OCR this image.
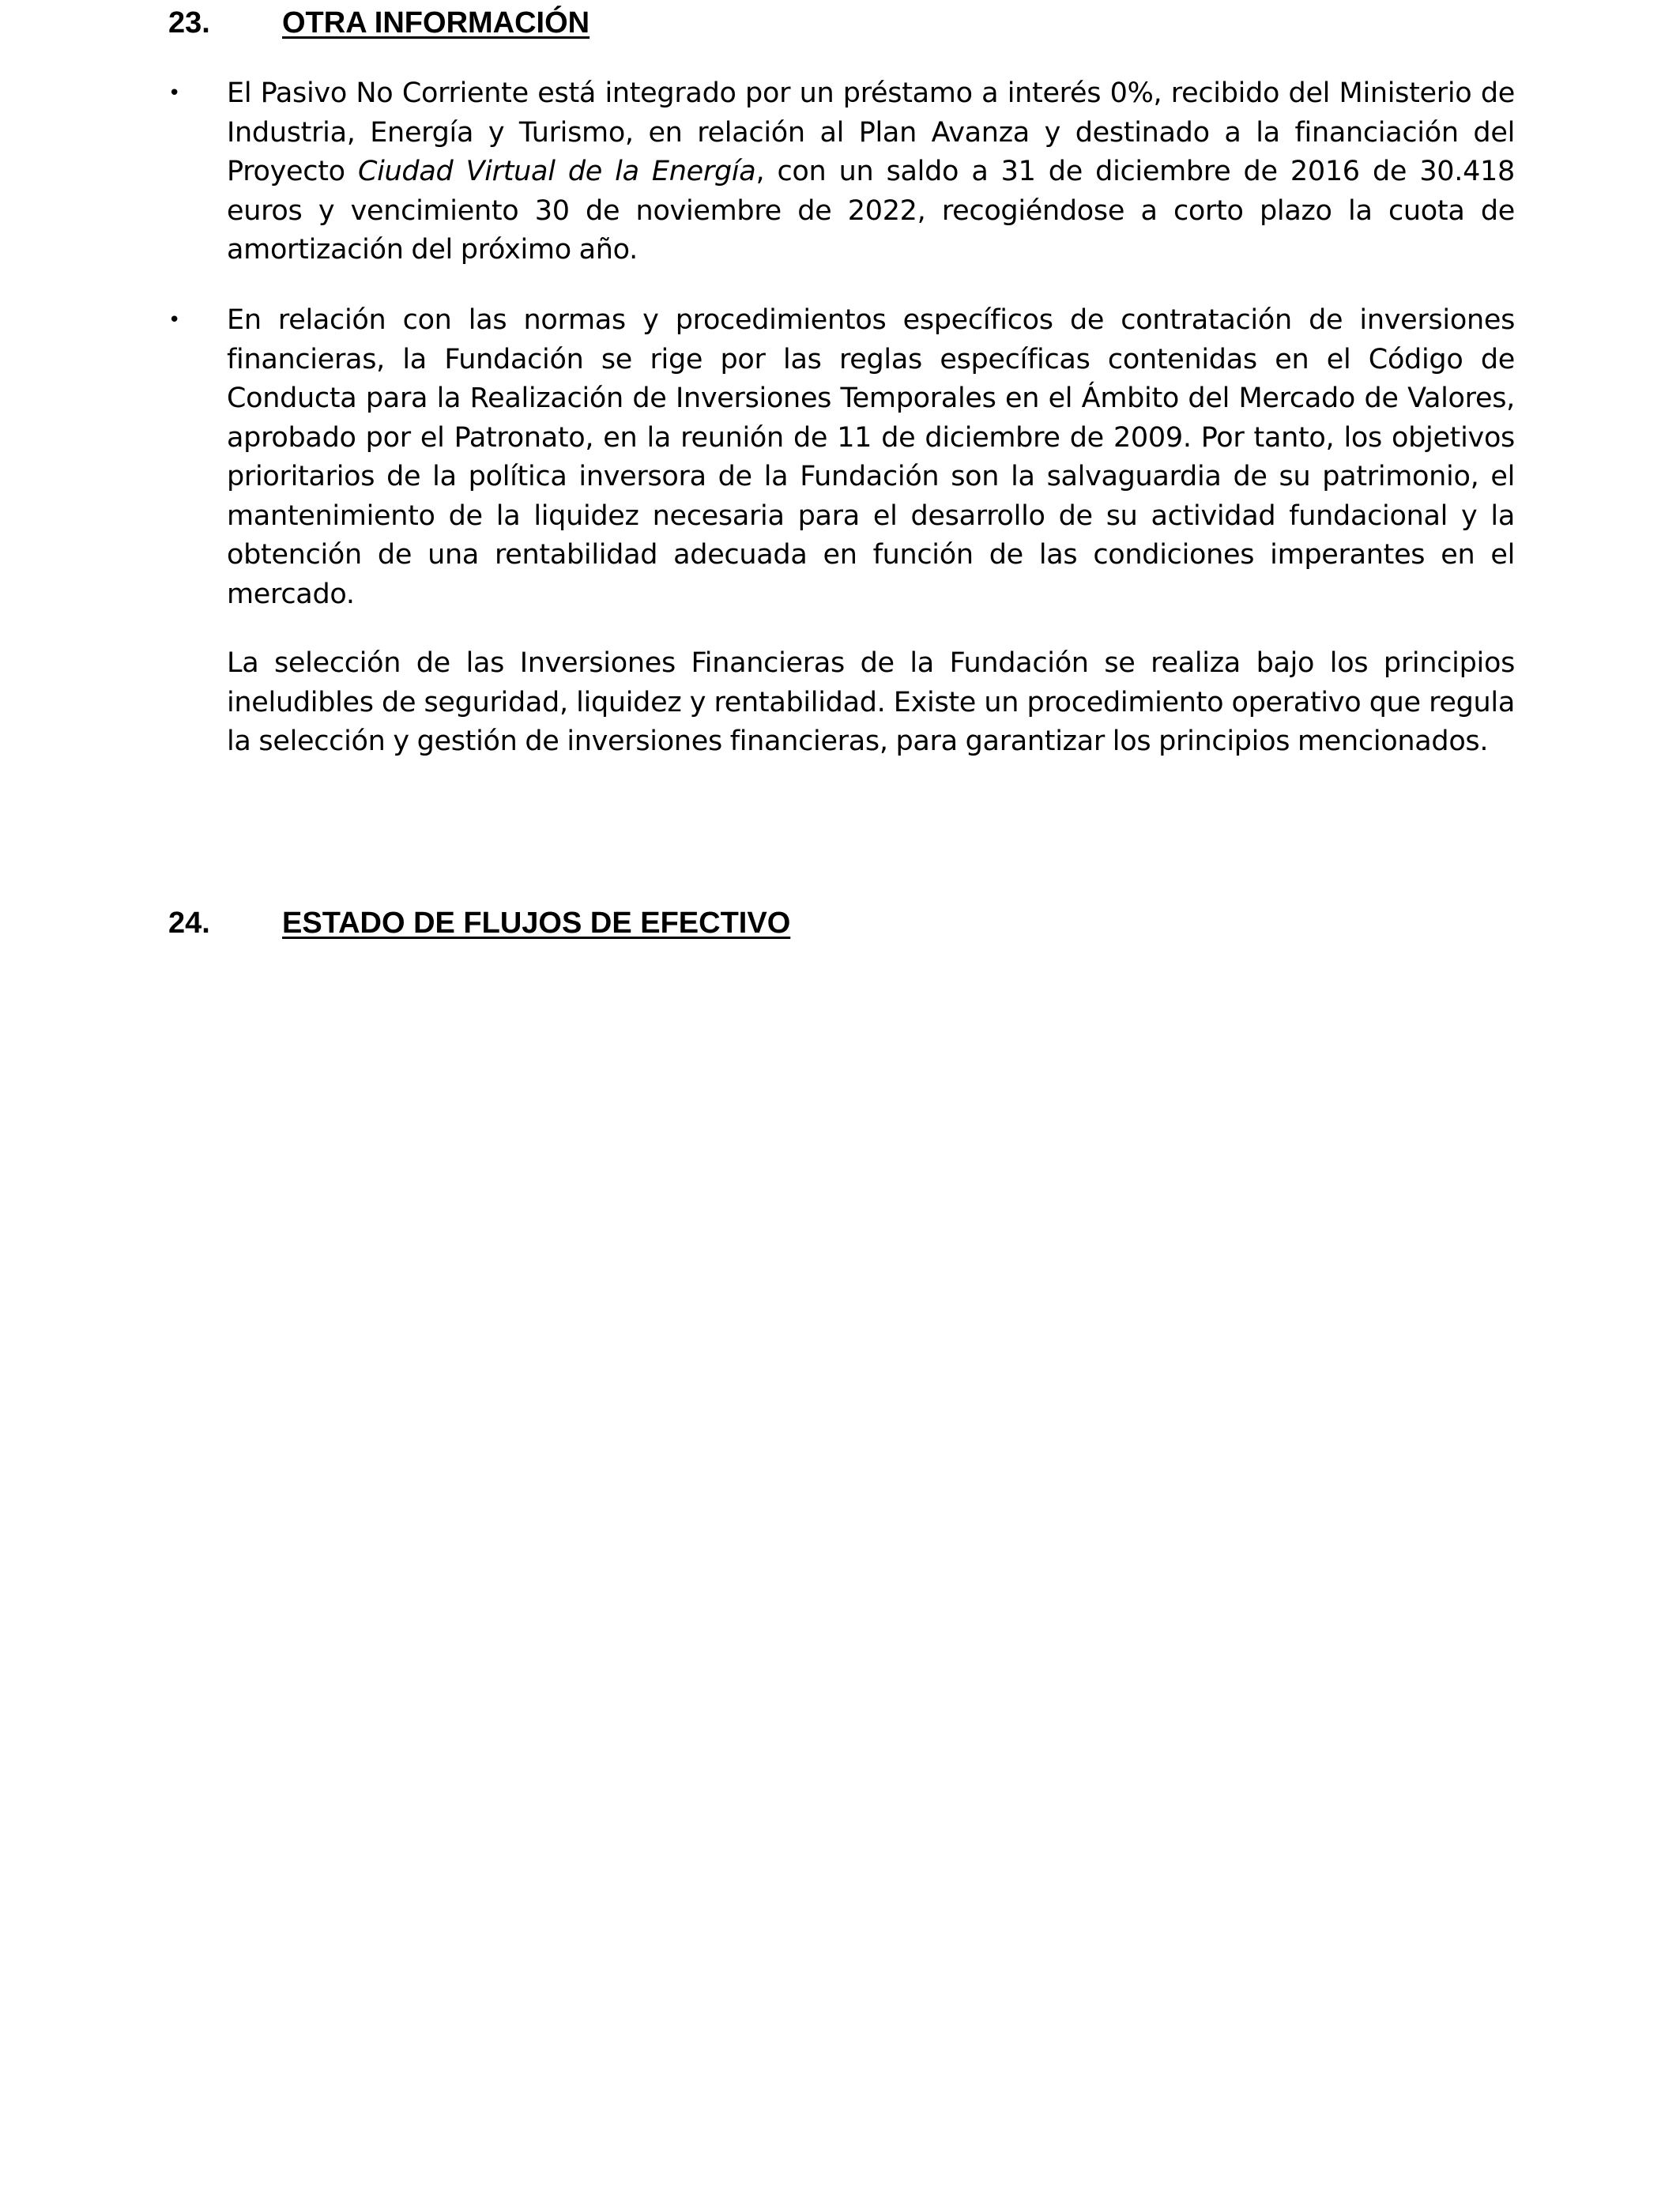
23. OTRA INFORMACIÓN
• El Pasivo No Corriente está integrado por un préstamo a interés 0%, recibido del Ministerio de Industria, Energía y Turismo, en relación al Plan Avanza y destinado a la financiación del Proyecto Ciudad Virtual de la Energía, con un saldo a 31 de diciembre de 2016 de 30.418 euros y vencimiento 30 de noviembre de 2022, recogiéndose a corto plazo la cuota de amortización del próximo año.
• En relación con las normas y procedimientos específicos de contratación de inversiones financieras, la Fundación se rige por las reglas específicas contenidas en el Código de Conducta para la Realización de Inversiones Temporales en el Ámbito del Mercado de Valores, aprobado por el Patronato, en la reunión de 11 de diciembre de 2009. Por tanto, los objetivos prioritarios de la política inversora de la Fundación son la salvaguardia de su patrimonio, el mantenimiento de la liquidez necesaria para el desarrollo de su actividad fundacional y la obtención de una rentabilidad adecuada en función de las condiciones imperantes en el mercado.
La selección de las Inversiones Financieras de la Fundación se realiza bajo los principios ineludibles de seguridad, liquidez y rentabilidad. Existe un procedimiento operativo que regula la selección y gestión de inversiones financieras, para garantizar los principios mencionados.
24. ESTADO DE FLUJOS DE EFECTIVO
